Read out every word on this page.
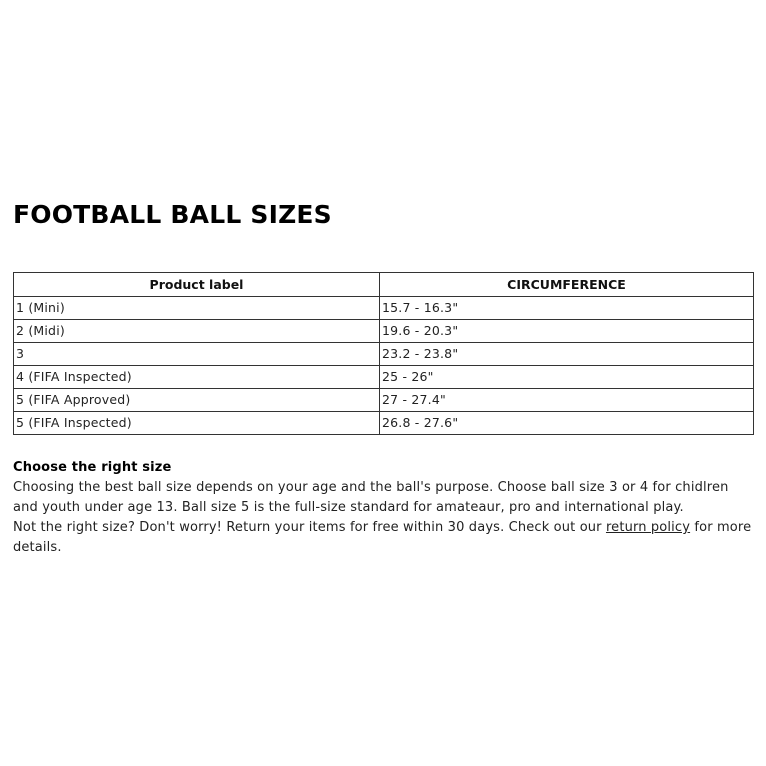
FOOTBALL BALL SIZES
Product label	CIRCUMFERENCE
1 (Mini)	15.7 - 16.3"
2 (Midi)	19.6 - 20.3"
3	23.2 - 23.8"
4 (FIFA Inspected)	25 - 26"
5 (FIFA Approved)	27 - 27.4"
5 (FIFA Inspected)	26.8 - 27.6"
Choose the right size

Choosing the best ball size depends on your age and the ball's purpose. Choose ball size 3 or 4 for chidlren and youth under age 13. Ball size 5 is the full-size standard for amateaur, pro and international play.

Not the right size? Don't worry! Return your items for free within 30 days. Check out our return policy for more details.
